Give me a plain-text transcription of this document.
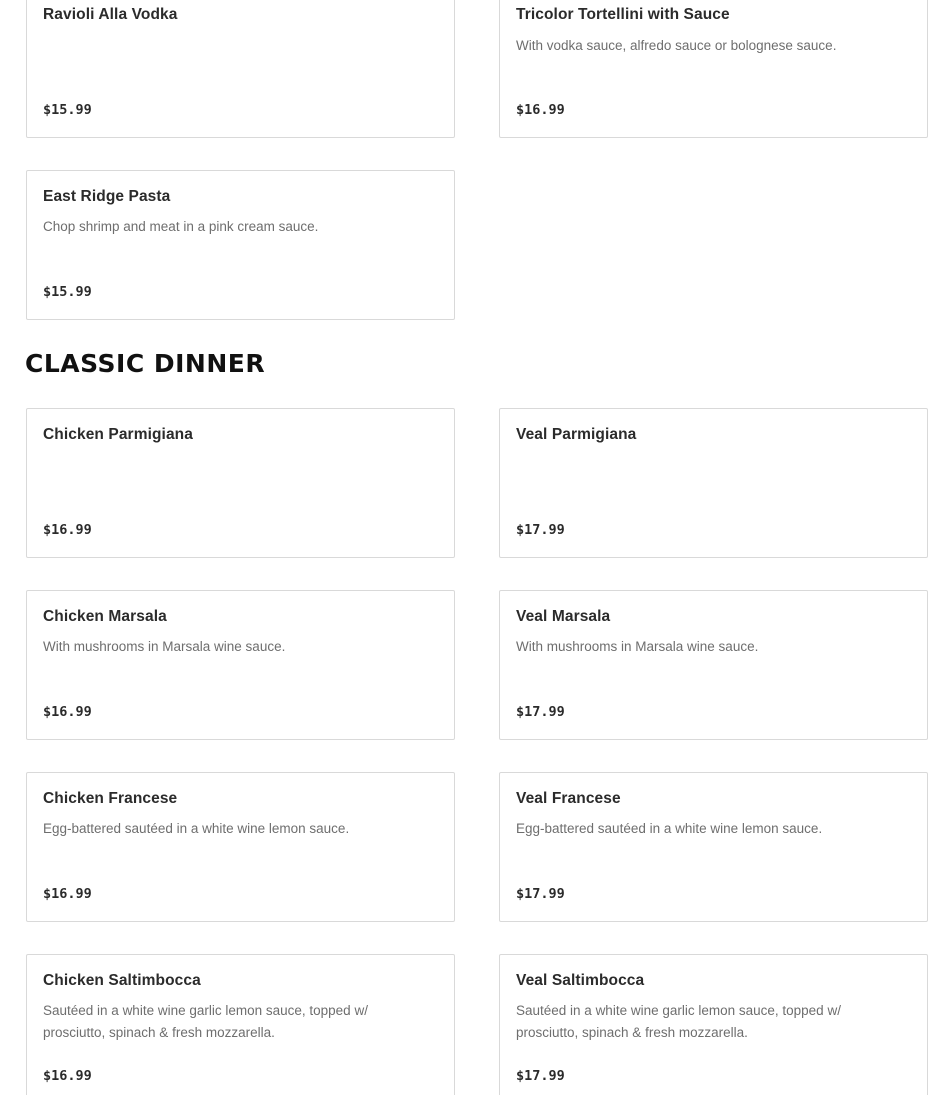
Ravioli Alla Vodka
$15.99
Tricolor Tortellini with Sauce
With vodka sauce, alfredo sauce or bolognese sauce.
$16.99
East Ridge Pasta
Chop shrimp and meat in a pink cream sauce.
$15.99
CLASSIC DINNER
Chicken Parmigiana
$16.99
Veal Parmigiana
$17.99
Chicken Marsala
With mushrooms in Marsala wine sauce.
$16.99
Veal Marsala
With mushrooms in Marsala wine sauce.
$17.99
Chicken Francese
Egg-battered sautéed in a white wine lemon sauce.
$16.99
Veal Francese
Egg-battered sautéed in a white wine lemon sauce.
$17.99
Chicken Saltimbocca
Sautéed in a white wine garlic lemon sauce, topped w/ prosciutto, spinach & fresh mozzarella.
$16.99
Veal Saltimbocca
Sautéed in a white wine garlic lemon sauce, topped w/ prosciutto, spinach & fresh mozzarella.
$17.99
